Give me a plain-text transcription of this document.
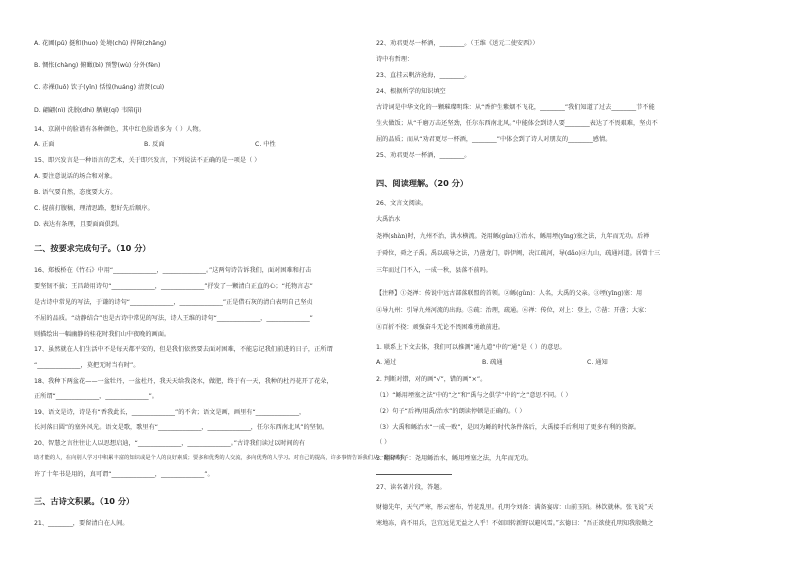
A. 花圃(pǔ) 挺和(huo) 处境(chǔ) 捍障(zhāng)
B. 惆怅(chàng) 俯瞰(bì) 预警(wù) 分外(fèn)
C. 赤裸(luǒ) 饮子(yǐn) 恬惶(huáng) 清贤(cuì)
D. 翩翩(nì) 洗脱(dhi) 舾鹿(qí) 韦陪(jì)
14、京剧中的脸谱有各种颜色，其中红色脸谱多为（ ）人物。
A. 正面	B. 反面	C. 中性
15、即兴发言是一种语言的艺术，关于即兴发言，下列说法不正确的是一项是（ ）
A. 要注意说话的场合和对象。
B. 语气要自然，态度要大方。
C. 提前打腹稿，理清思路，想好先后顺序。
D. 表达有条理，且要面面俱到。
二、按要求完成句子。（10 分）
16、郑板桥在《竹石》中用“______________，______________。”这两句诗告诉我们，面对困难和打击
要坚韧不拔；王昌龄用诗句“______________，______________”抒发了一颗清白正直的心；“托物言志”
是古诗中常见的写法，于谦的诗句“______________，______________”正是借石灰的清白表明自己坚贞
不屈的品质。“动静结合”也是古诗中常见的写法，诗人王维的诗句“______________，______________”
则描绘出一幅幽静的桂花时我们山中夜晚的画面。
17、虽然就在人们生活中不是每天都平安的，但是我们依然要去面对困难，不能忘记我们前进的日子，正所谓
“______________，莫把无时当有时”。
18、我种下两盆花——一盆牡丹，一盆杜丹，我天天给我浇水，做肥，终于有一天，我种的杜丹花开了花朵，
正所谓“______________，______________”。
19、语文是诗，诗是有“香我此长，______________”的不舍；语文是画，画里有“______________，
长河落日圆”的塞外风光。语文是歌，歌里有“______________，______________，任尔东西南北风”的坚韧。
20、智慧之言往往让人以思想启迪，“______________，______________。”古诗我们读过以时间的有
助才能的人，在向别人学习中积累丰富的知识或是个人的良好素质；要多和优秀的人交流，多向优秀的人学习。对自己的提高，许多事情告诉我们从一时说明我
许了十年书是用的，真可谓“______________，______________”。
三、古诗文积累。（10 分）
21、________，要留清白在人间。
22、劝君更尽一杯酒，________。（王维《送元二使安西》）
诗中有哲理：
23、直挂云帆济沧海，________。
24、根据所学的知识填空
古诗词是中华文化的一颗璀璨明珠：从“香炉生紫烟不飞花，________”我们知道了过去________节不能
生火做饭；从“千磨万击还坚劲，任尔东西南北风。”中能体会到诗人要________表达了不畏艰难，坚贞不
屈的品质；而从“劝君更尽一杯酒，________”中体会到了诗人对朋友的________感情。
25、劝君更尽一杯酒，________。
四、阅读理解。（20 分）
26、文言文阅读。
大禹治水
尧禅(shàn)时，九州不治，洪水横流。尧用鲧(gǔn)①治水，鲧用堙(yīng)塞之法，九年而无功。后禅
于舜位，舜之子禹。禹以疏导之法，乃凿龙门，辟伊阙，决江疏河，导(dǎo)④九山，疏通河道。居曾十三
三年而过门不入，一成一秋，县落不前吗。
【注释】①尧禅：传说中远古部落联盟的首领。②鲧(gǔn)：人名，大禹的父亲。③堙(yīng)塞：用
④导九州：引导九州河流的出海。⑤疏：治理，疏通。⑥禅：传位，对上：登上，⑦凿：开凿；大家：
⑧百折不挠：顽强奋斗无论不畏困难勇敢前进。
1. 联系上下文去体，我们可以推测“通九道”中的“通”是（ ）的意思。
A. 通过	B. 疏通	C. 通知
2. 判断对错，对的画“√”，错的画“×”。
（1）“鲧用堙塞之法”中的“之”和“禹与之俱学”中的“之”意思不同。（ ）
（2）句子“后禅/用禹/治水”的朗读停顿是正确的。（ ）
（3）大禹和鲧治水“一成一败”，是因为鲧的时代条件落后，大禹接手后利用了更多有利的资源。
（ ）
3. 翻译句子：尧用鲧治水，鲧用堙塞之法，九年而无功。
27、读名著片段，答题。
财德先年，天气严寒，彤云密布，竹花乱里。孔明令刘备：满备宴席：山前玉陌。林饮就林。张飞说“天
寒地冻，尚不用兵，岂宜远见无益之人乎！不如回转新野以避风雪。”玄德曰：“吾正欲使孔明知我殷勤之
